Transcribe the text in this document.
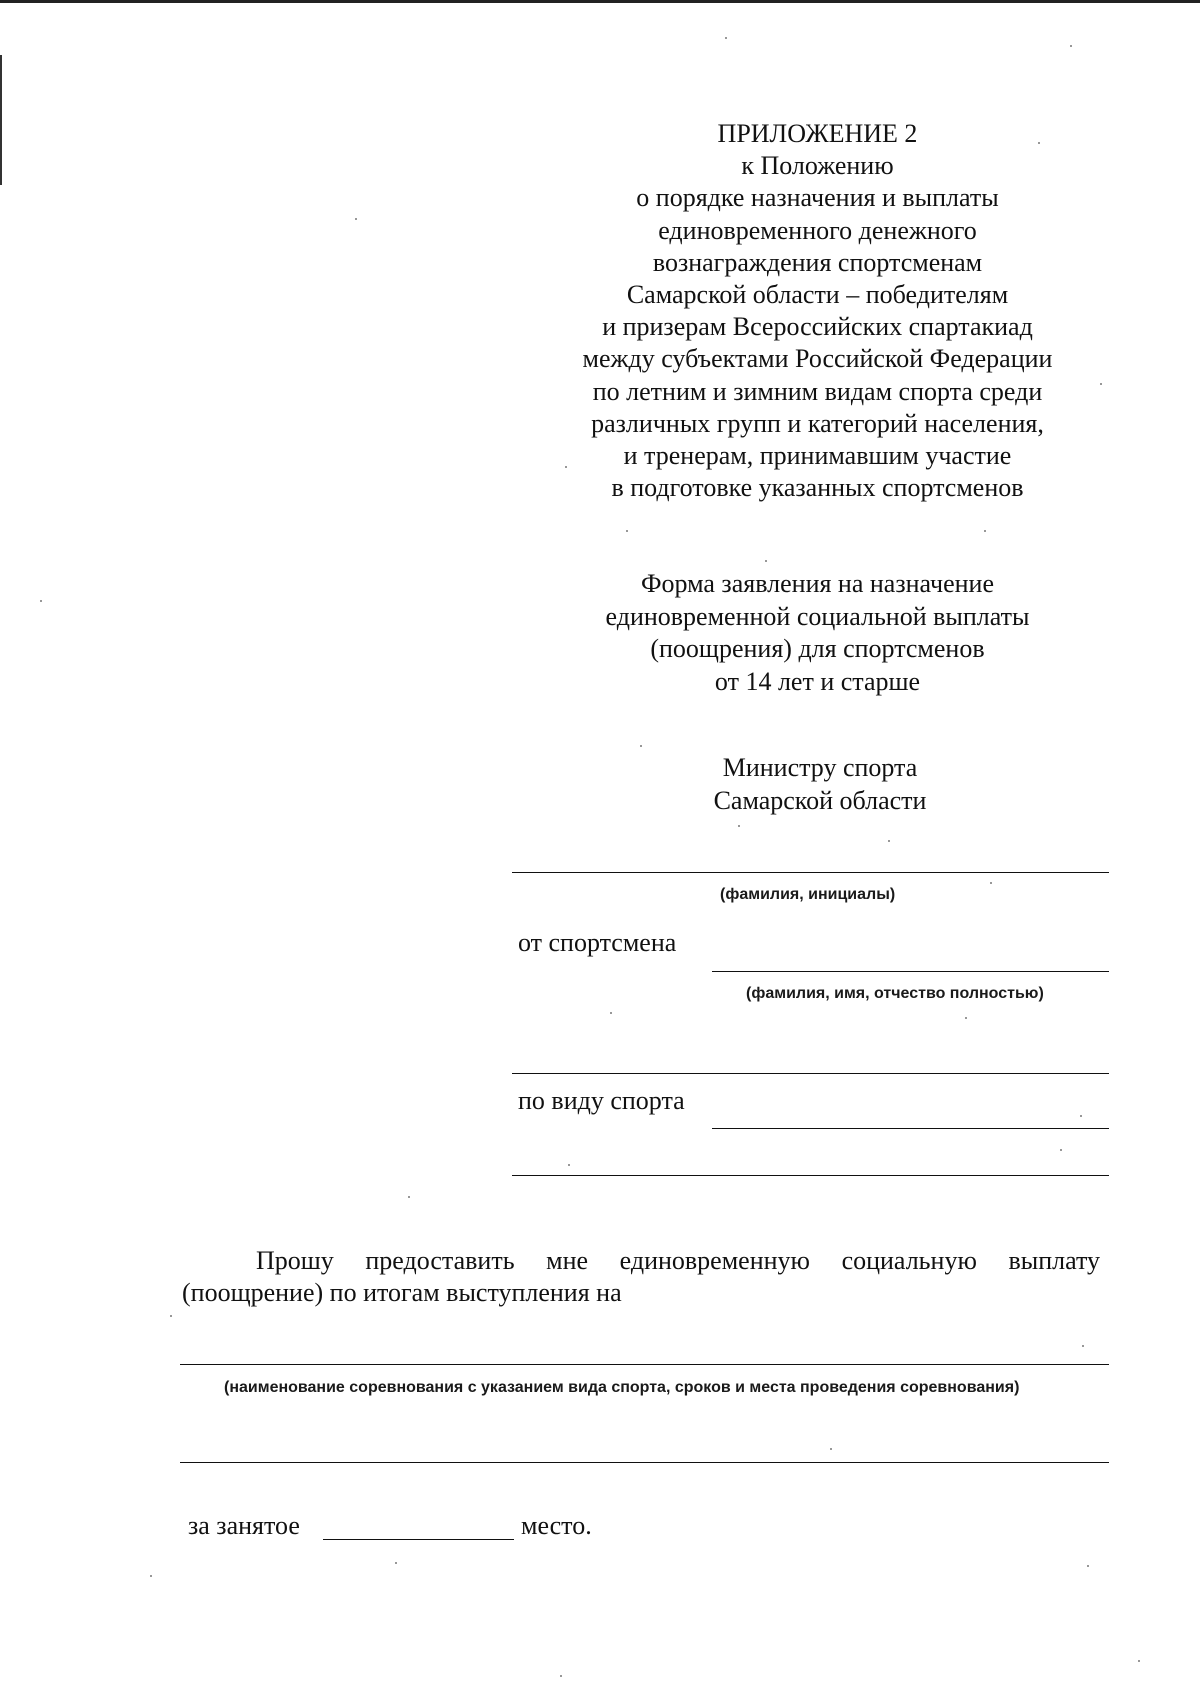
ПРИЛОЖЕНИЕ 2
к Положению
о порядке назначения и выплаты
единовременного денежного
вознаграждения спортсменам
Самарской области – победителям
и призерам Всероссийских спартакиад
между субъектами Российской Федерации
по летним и зимним видам спорта среди
различных групп и категорий населения,
и тренерам, принимавшим участие
в подготовке указанных спортсменов
Форма заявления на назначение
единовременной социальной выплаты
(поощрения) для спортсменов
от 14 лет и старше
Министру спорта
Самарской области
(фамилия, инициалы)
от спортсмена
(фамилия, имя, отчество полностью)
по виду спорта
Прошу предоставить мне единовременную социальную выплату
(поощрение) по итогам выступления на
(наименование соревнования с указанием вида спорта, сроков и места проведения соревнования)
за занятое	место.
